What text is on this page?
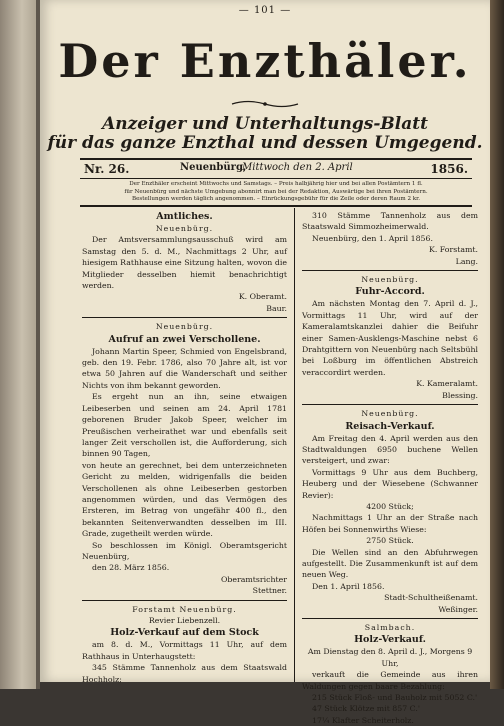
— 101 —
Der Enzthäler.
Anzeiger und Unterhaltungs-Blatt
für das ganze Enzthal und dessen Umgegend.
Nr. 26.	Neuenbürg,
Mittwoch den 2. April	1856.
Der Enzthäler erscheint Mittwochs und Samstags. – Preis halbjährig hier und bei allen Postämtern 1 fl.
für Neuenbürg und nächste Umgebung abonnirt man bei der Redaktion, Auswärtige bei ihren Postämtern.
Bestellungen werden täglich angenommen. – Einrückungsgebühr für die Zeile oder deren Raum 2 kr.

Amtliches.

Neuenbürg.

Der Amtsversammlungsausschuß wird am Samstag den 5. d. M., Nachmittags 2 Uhr, auf hiesigem Rathhause eine Sitzung halten, wovon die Mitglieder desselben hiemit benachrichtigt werden.

K. Oberamt.

Baur.

Neuenbürg.

Aufruf an zwei Verschollene.

Johann Martin Speer, Schmied von Engelsbrand, geb. den 19. Febr. 1786, also 70 Jahre alt, ist vor etwa 50 Jahren auf die Wanderschaft und seither Nichts von ihm bekannt geworden.

Es ergeht nun an ihn, seine etwaigen Leibeserben und seinen am 24. April 1781 geborenen Bruder Jakob Speer, welcher im Preußischen verheirathet war und ebenfalls seit langer Zeit verschollen ist, die Aufforderung, sich binnen 90 Tagen,

von heute an gerechnet, bei dem unterzeichneten Gericht zu melden, widrigenfalls die beiden Verschollenen als ohne Leibeserben gestorben angenommen würden, und das Vermögen des Ersteren, im Betrag von ungefähr 400 fl., den bekannten Seitenverwandten desselben im III. Grade, zugetheilt werden würde.

So beschlossen im Königl. Oberamtsgericht Neuenbürg,

den 28. März 1856.

Oberamtsrichter

Stettner.

Forstamt Neuenbürg.

Revier Liebenzell.

Holz-Verkauf auf dem Stock

am 8. d. M., Vormittags 11 Uhr, auf dem Rathhaus in Unterhaugstett:

345 Stämme Tannenholz aus dem Staatswald Hochholz;

310 Stämme Tannenholz aus dem Staatswald Simmozheimerwald.

Neuenbürg, den 1. April 1856.

K. Forstamt.

Lang.

Neuenbürg.

Fuhr-Accord.

Am nächsten Montag den 7. April d. J., Vormittags 11 Uhr, wird auf der Kameralamtskanzlei dahier die Beifuhr einer Samen-Ausklengs-Maschine nebst 6 Drahtgittern von Neuenbürg nach Seltsbühl bei Loßburg im öffentlichen Abstreich veraccordirt werden.

K. Kameralamt.

Blessing.

Neuenbürg.

Reisach-Verkauf.

Am Freitag den 4. April werden aus den Stadtwaldungen 6950 buchene Wellen versteigert, und zwar:

Vormittags 9 Uhr aus dem Buchberg, Heuberg und der Wiesebene (Schwanner Revier):

4200 Stück;

Nachmittags 1 Uhr an der Straße nach Höfen bei Sonnenwirths Wiese:

2750 Stück.

Die Wellen sind an den Abfuhrwegen aufgestellt. Die Zusammenkunft ist auf dem neuen Weg.

Den 1. April 1856.

Stadt-Schultheißenamt.

Weßinger.

Salmbach.

Holz-Verkauf.

Am Dienstag den 8. April d. J., Morgens 9 Uhr,

verkauft die Gemeinde aus ihren Waldungen gegen baare Bezahlung:

215 Stück Floß- und Bauholz mit 5052 C.'

47 Stück Klötze mit 857 C.'

17¼ Klafter Scheiterholz.
